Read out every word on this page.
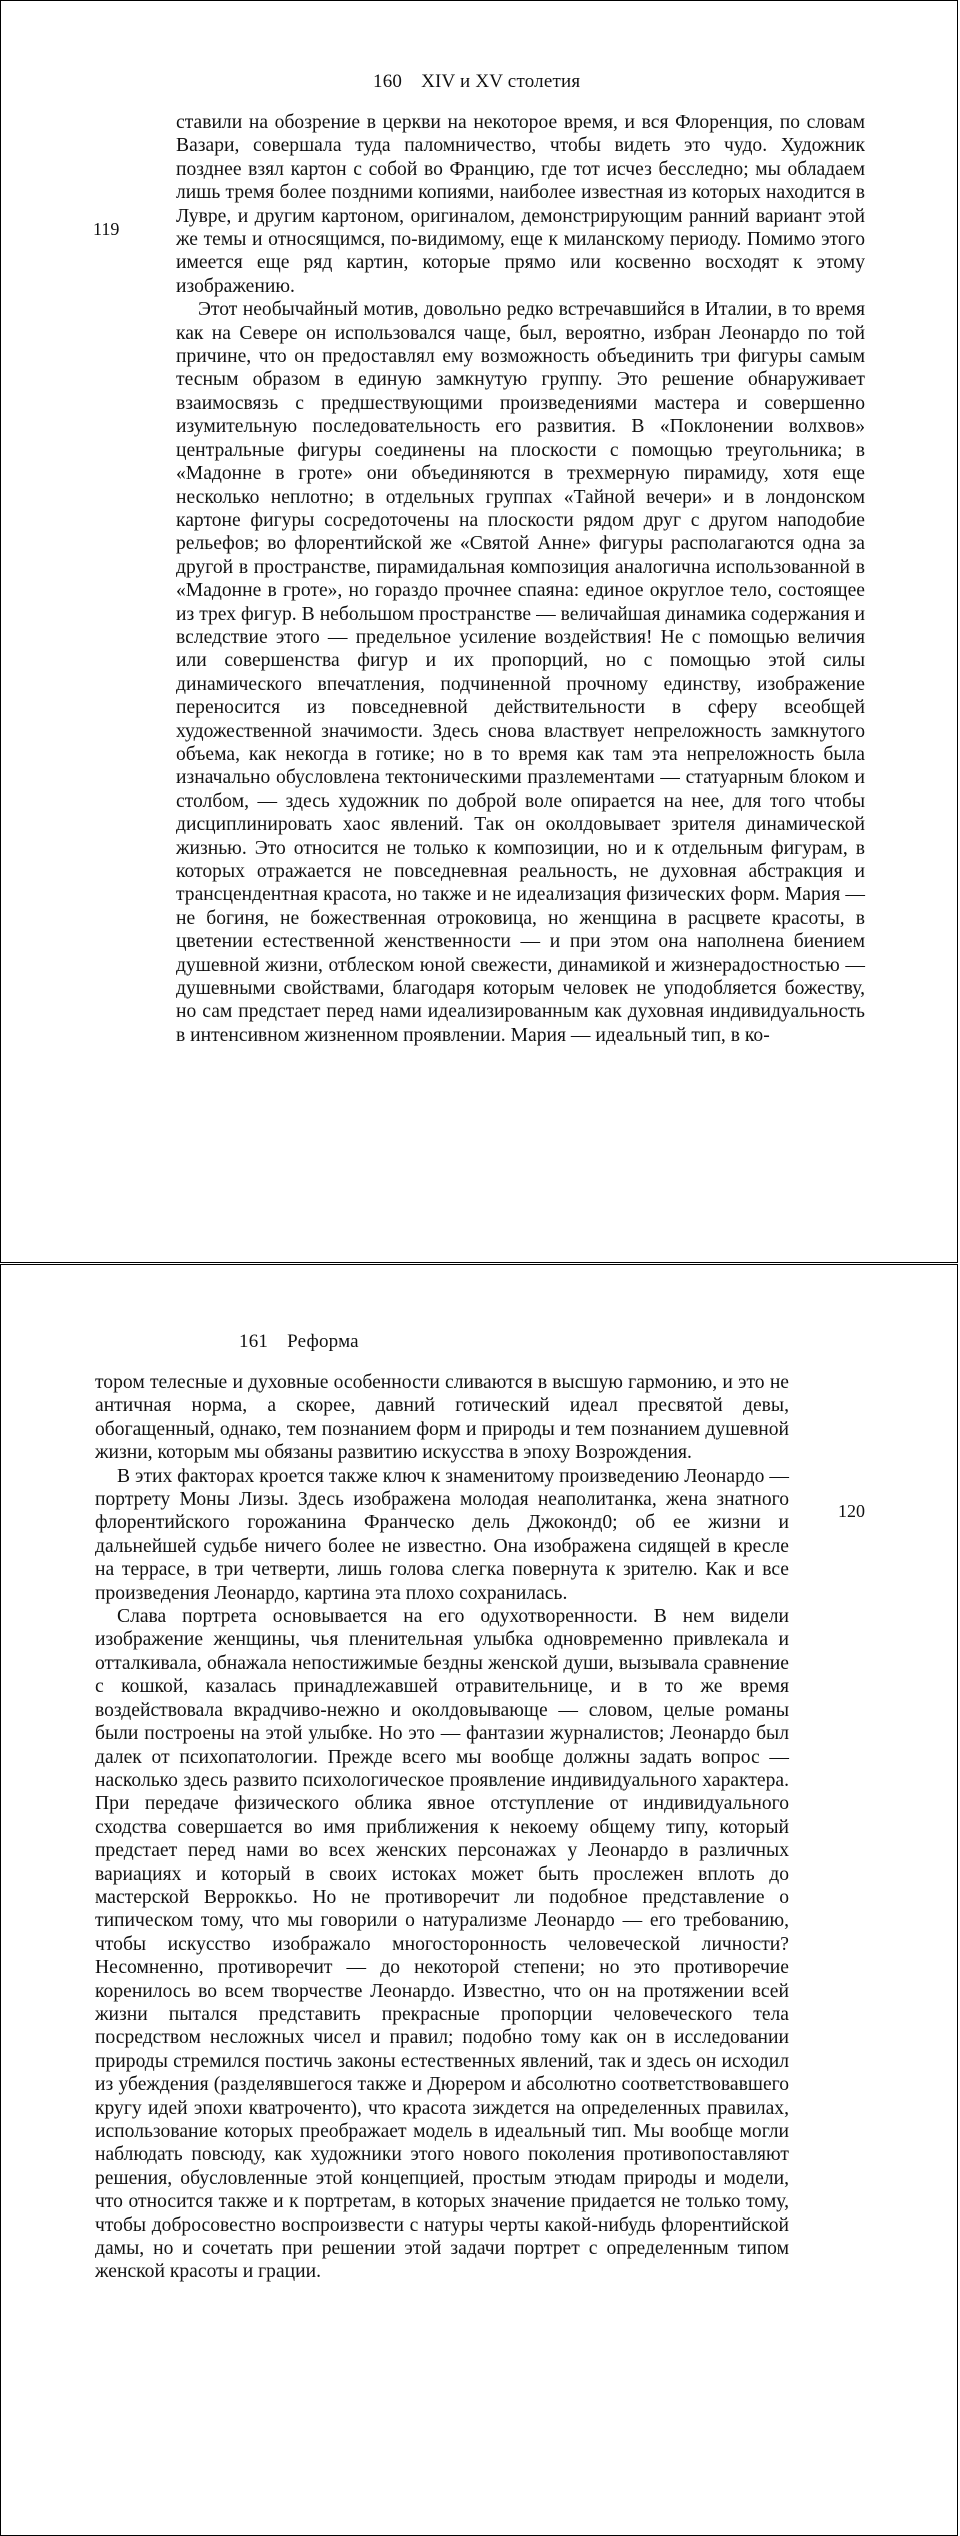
160 XIV и XV столетия
119

ставили на обозрение в церкви на некоторое время, и вся Флоренция, по словам Вазари, совершала туда паломничество, чтобы видеть это чудо. Художник позднее взял картон с собой во Францию, где тот исчез бесследно; мы обладаем лишь тремя более поздними копиями, наиболее известная из которых находится в Лувре, и другим картоном, оригиналом, демонстрирующим ранний вариант этой же темы и относящимся, по-видимому, еще к миланскому периоду. Помимо этого имеется еще ряд картин, которые прямо или косвенно восходят к этому изображению.

Этот необычайный мотив, довольно редко встречавшийся в Италии, в то время как на Севере он использовался чаще, был, вероятно, избран Леонардо по той причине, что он предоставлял ему возможность объединить три фигуры самым тесным образом в единую замкнутую группу. Это решение обнаруживает взаимосвязь с предшествующими произведениями мастера и совершенно изумительную последовательность его развития. В «Поклонении волхвов» центральные фигуры соединены на плоскости с помощью треугольника; в «Мадонне в гроте» они объединяются в трехмерную пирамиду, хотя еще несколько неплотно; в отдельных группах «Тайной вечери» и в лондонском картоне фигуры сосредоточены на плоскости рядом друг с другом наподобие рельефов; во флорентийской же «Святой Анне» фигуры располагаются одна за другой в пространстве, пирамидальная композиция аналогична использованной в «Мадонне в гроте», но гораздо прочнее спаяна: единое округлое тело, состоящее из трех фигур. В небольшом пространстве — величайшая динамика содержания и вследствие этого — предельное усиление воздействия! Не с помощью величия или совершенства фигур и их пропорций, но с помощью этой силы динамического впечатления, подчиненной прочному единству, изображение переносится из повседневной действительности в сферу всеобщей художественной значимости. Здесь снова властвует непреложность замкнутого объема, как некогда в готике; но в то время как там эта непреложность была изначально обусловлена тектоническими празлементами — статуарным блоком и столбом, — здесь художник по доброй воле опирается на нее, для того чтобы дисциплинировать хаос явлений. Так он околдовывает зрителя динамической жизнью. Это относится не только к композиции, но и к отдельным фигурам, в которых отражается не повседневная реальность, не духовная абстракция и трансцендентная красота, но также и не идеализация физических форм. Мария — не богиня, не божественная отроковица, но женщина в расцвете красоты, в цветении естественной женственности — и при этом она наполнена биением душевной жизни, отблеском юной свежести, динамикой и жизнерадостностью — душевными свойствами, благодаря которым человек не уподобляется божеству, но сам предстает перед нами идеализированным как духовная индивидуальность в интенсивном жизненном проявлении. Мария — идеальный тип, в ко-

161 Реформа
120

тором телесные и духовные особенности сливаются в высшую гармонию, и это не античная норма, а скорее, давний готический идеал пресвятой девы, обогащенный, однако, тем познанием форм и природы и тем познанием душевной жизни, которым мы обязаны развитию искусства в эпоху Возрождения.

В этих факторах кроется также ключ к знаменитому произведению Леонардо — портрету Моны Лизы. Здесь изображена молодая неаполитанка, жена знатного флорентийского горожанина Франческо дель Джоконд0; об ее жизни и дальнейшей судьбе ничего более не известно. Она изображена сидящей в кресле на террасе, в три четверти, лишь голова слегка повернута к зрителю. Как и все произведения Леонардо, картина эта плохо сохранилась.

Слава портрета основывается на его одухотворенности. В нем видели изображение женщины, чья пленительная улыбка одновременно привлекала и отталкивала, обнажала непостижимые бездны женской души, вызывала сравнение с кошкой, казалась принадлежавшей отравительнице, и в то же время воздействовала вкрадчиво-нежно и околдовывающе — словом, целые романы были построены на этой улыбке. Но это — фантазии журналистов; Леонардо был далек от психопатологии. Прежде всего мы вообще должны задать вопрос — насколько здесь развито психологическое проявление индивидуального характера. При передаче физического облика явное отступление от индивидуального сходства совершается во имя приближения к некоему общему типу, который предстает перед нами во всех женских персонажах у Леонардо в различных вариациях и который в своих истоках может быть прослежен вплоть до мастерской Верроккьо. Но не противоречит ли подобное представление о типическом тому, что мы говорили о натурализме Леонардо — его требованию, чтобы искусство изображало многосторонность человеческой личности? Несомненно, противоречит — до некоторой степени; но это противоречие коренилось во всем творчестве Леонардо. Известно, что он на протяжении всей жизни пытался представить прекрасные пропорции человеческого тела посредством несложных чисел и правил; подобно тому как он в исследовании природы стремился постичь законы естественных явлений, так и здесь он исходил из убеждения (разделявшегося также и Дюрером и абсолютно соответствовавшего кругу идей эпохи кватроченто), что красота зиждется на определенных правилах, использование которых преображает модель в идеальный тип. Мы вообще могли наблюдать повсюду, как художники этого нового поколения противопоставляют решения, обусловленные этой концепцией, простым этюдам природы и модели, что относится также и к портретам, в которых значение придается не только тому, чтобы добросовестно воспроизвести с натуры черты какой-нибудь флорентийской дамы, но и сочетать при решении этой задачи портрет с определенным типом женской красоты и грации.
